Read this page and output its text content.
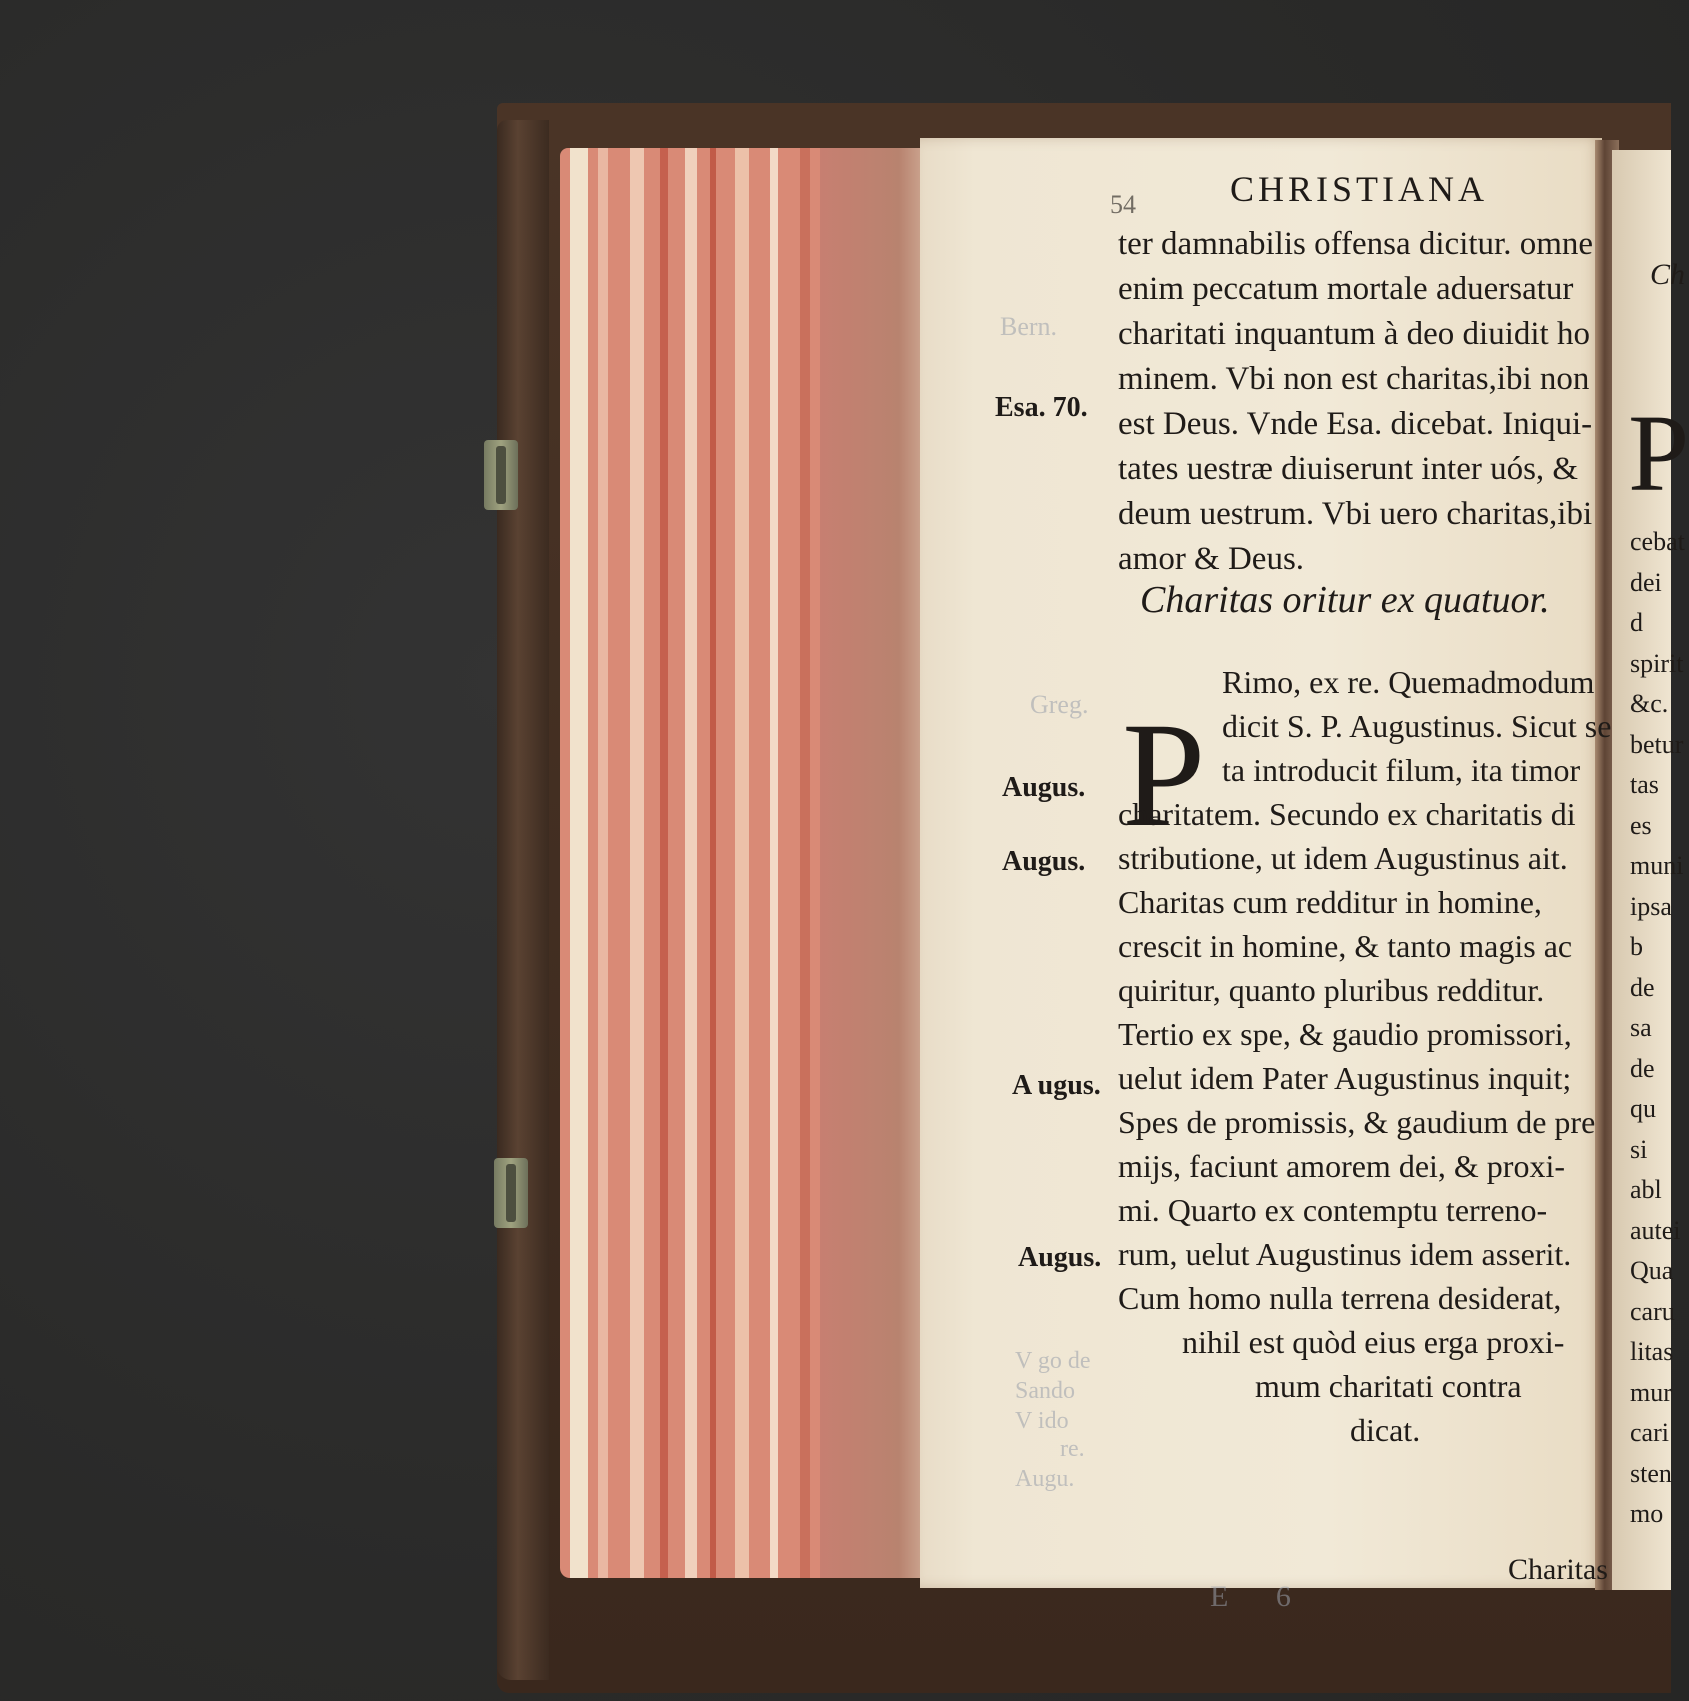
Bern.
Greg.
V go de
Sando
V ido
re.
Augu.
E 6
54	CHRISTIANA
ter damnabilis offensa dicitur. omne
enim peccatum mortale aduersatur
charitati inquantum à deo diuidit ho
minem. Vbi non est charitas,ibi non
est Deus. Vnde Esa. dicebat. Iniqui-
tates uestræ diuiserunt inter uós, &
deum uestrum. Vbi uero charitas,ibi
amor & Deus.
Esa. 70.
Charitas oritur ex quatuor.
P
Rimo, ex re. Quemadmodum
dicit S. P. Augustinus. Sicut se
ta introducit filum, ita timor
charitatem. Secundo ex charitatis di
stributione, ut idem Augustinus ait.
Charitas cum redditur in homine,
crescit in homine, & tanto magis ac
quiritur, quanto pluribus redditur.
Tertio ex spe, & gaudio promissori,
uelut idem Pater Augustinus inquit;
Spes de promissis, & gaudium de pre
mijs, faciunt amorem dei, & proxi-
mi. Quarto ex contemptu terreno-
rum, uelut Augustinus idem asserit.
Cum homo nulla terrena desiderat,
nihil est quòd eius erga proxi-
mum charitati contra
dicat.
Augus.
Augus.
A ugus.
Augus.
Charitas
Ch
P
cebat
dei d
spirit
&c.
betur
tas es
muni
ipsa b
de sa
de qu
si abl
autei
Qua
caru
litas
mur
cari
sten
mo
